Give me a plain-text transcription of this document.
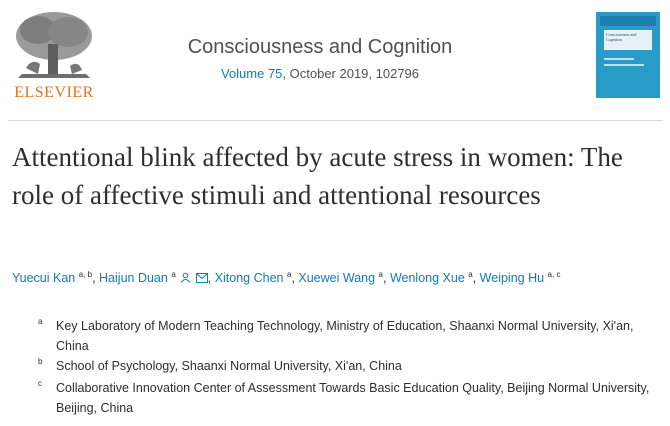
ELSEVIER
Consciousness and Cognition
Volume 75, October 2019, 102796
Consciousness and Cognition
Attentional blink affected by acute stress in women: The role of affective stimuli and attentional resources
Yuecui Kan $^{a, b}$, Haijun Duan $^a$	, Xitong Chen $^a$, Xuewei Wang $^a$, Wenlong Xue $^a$, Weiping Hu $^{a, c}$
a Key Laboratory of Modern Teaching Technology, Ministry of Education, Shaanxi Normal University, Xi'an, China
b School of Psychology, Shaanxi Normal University, Xi'an, China
c Collaborative Innovation Center of Assessment Towards Basic Education Quality, Beijing Normal University, Beijing, China
